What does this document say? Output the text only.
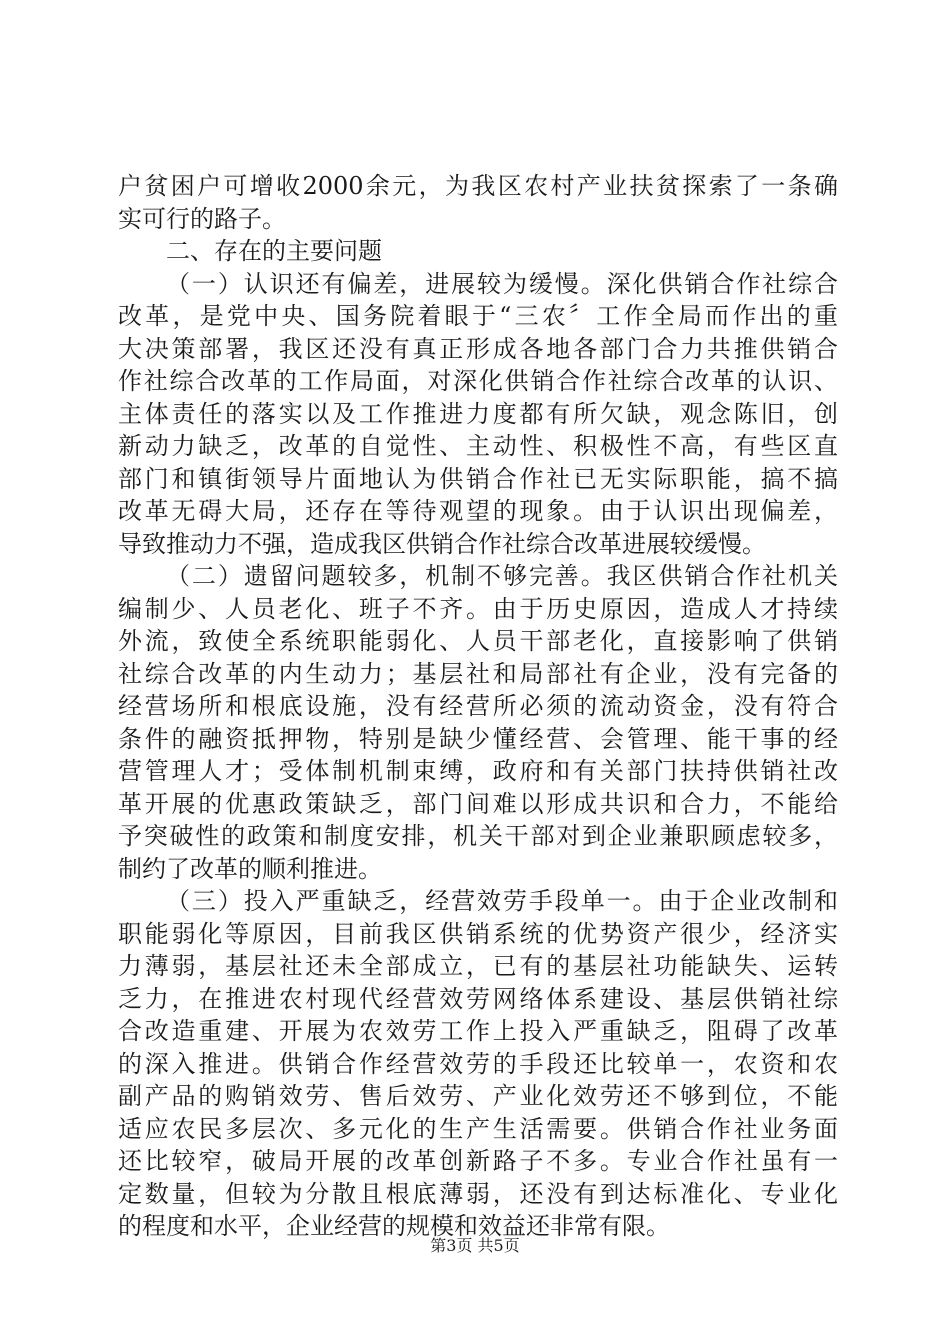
户贫困户可增收2000余元，为我区农村产业扶贫探索了一条确
实可行的路子。
二、存在的主要问题
（一）认识还有偏差，进展较为缓慢。深化供销合作社综合
改革，是党中央、国务院着眼于“三农〞工作全局而作出的重
大决策部署，我区还没有真正形成各地各部门合力共推供销合
作社综合改革的工作局面，对深化供销合作社综合改革的认识、
主体责任的落实以及工作推进力度都有所欠缺，观念陈旧，创
新动力缺乏，改革的自觉性、主动性、积极性不高，有些区直
部门和镇街领导片面地认为供销合作社已无实际职能，搞不搞
改革无碍大局，还存在等待观望的现象。由于认识出现偏差，
导致推动力不强，造成我区供销合作社综合改革进展较缓慢。
（二）遗留问题较多，机制不够完善。我区供销合作社机关
编制少、人员老化、班子不齐。由于历史原因，造成人才持续
外流，致使全系统职能弱化、人员干部老化，直接影响了供销
社综合改革的内生动力；基层社和局部社有企业，没有完备的
经营场所和根底设施，没有经营所必须的流动资金，没有符合
条件的融资抵押物，特别是缺少懂经营、会管理、能干事的经
营管理人才；受体制机制束缚，政府和有关部门扶持供销社改
革开展的优惠政策缺乏，部门间难以形成共识和合力，不能给
予突破性的政策和制度安排，机关干部对到企业兼职顾虑较多，
制约了改革的顺利推进。
（三）投入严重缺乏，经营效劳手段单一。由于企业改制和
职能弱化等原因，目前我区供销系统的优势资产很少，经济实
力薄弱，基层社还未全部成立，已有的基层社功能缺失、运转
乏力，在推进农村现代经营效劳网络体系建设、基层供销社综
合改造重建、开展为农效劳工作上投入严重缺乏，阻碍了改革
的深入推进。供销合作经营效劳的手段还比较单一，农资和农
副产品的购销效劳、售后效劳、产业化效劳还不够到位，不能
适应农民多层次、多元化的生产生活需要。供销合作社业务面
还比较窄，破局开展的改革创新路子不多。专业合作社虽有一
定数量，但较为分散且根底薄弱，还没有到达标准化、专业化
的程度和水平，企业经营的规模和效益还非常有限。
第3页 共5页
